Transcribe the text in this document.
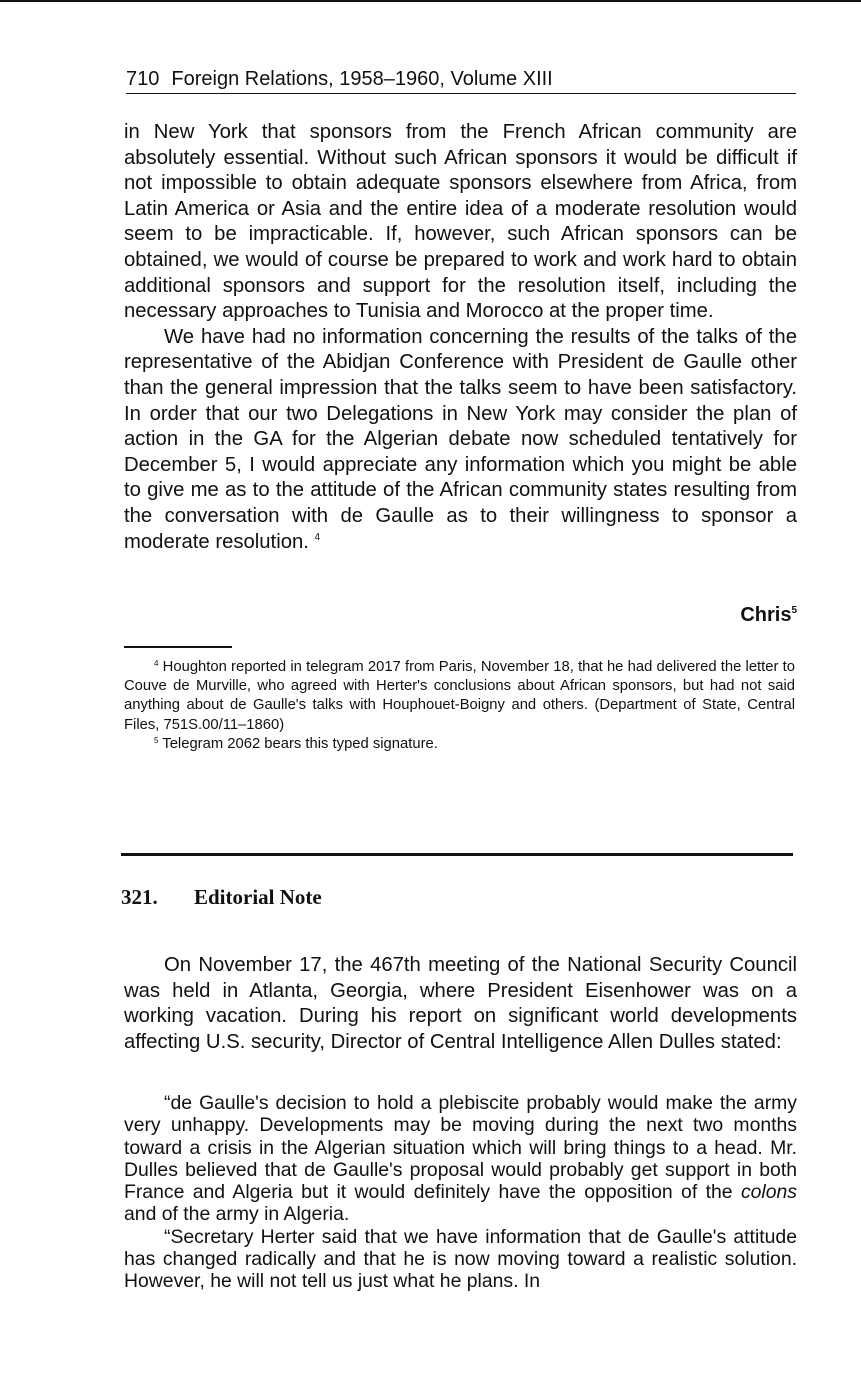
710 Foreign Relations, 1958–1960, Volume XIII

in New York that sponsors from the French African community are absolutely essential. Without such African sponsors it would be difficult if not impossible to obtain adequate sponsors elsewhere from Africa, from Latin America or Asia and the entire idea of a moderate resolution would seem to be impracticable. If, however, such African sponsors can be obtained, we would of course be prepared to work and work hard to obtain additional sponsors and support for the resolution itself, including the necessary approaches to Tunisia and Morocco at the proper time.

We have had no information concerning the results of the talks of the representative of the Abidjan Conference with President de Gaulle other than the general impression that the talks seem to have been satisfactory. In order that our two Delegations in New York may consider the plan of action in the GA for the Algerian debate now scheduled tentatively for December 5, I would appreciate any information which you might be able to give me as to the attitude of the African community states resulting from the conversation with de Gaulle as to their willingness to sponsor a moderate resolution. $^4$

Chris$^5$

$^4$ Houghton reported in telegram 2017 from Paris, November 18, that he had delivered the letter to Couve de Murville, who agreed with Herter's conclusions about African sponsors, but had not said anything about de Gaulle's talks with Houphouet-Boigny and others. (Department of State, Central Files, 751S.00/11–1860)

$^5$ Telegram 2062 bears this typed signature.

321. Editorial Note

On November 17, the 467th meeting of the National Security Council was held in Atlanta, Georgia, where President Eisenhower was on a working vacation. During his report on significant world developments affecting U.S. security, Director of Central Intelligence Allen Dulles stated:

“de Gaulle's decision to hold a plebiscite probably would make the army very unhappy. Developments may be moving during the next two months toward a crisis in the Algerian situation which will bring things to a head. Mr. Dulles believed that de Gaulle's proposal would probably get support in both France and Algeria but it would definitely have the opposition of the colons and of the army in Algeria.

“Secretary Herter said that we have information that de Gaulle's attitude has changed radically and that he is now moving toward a realistic solution. However, he will not tell us just what he plans. In
